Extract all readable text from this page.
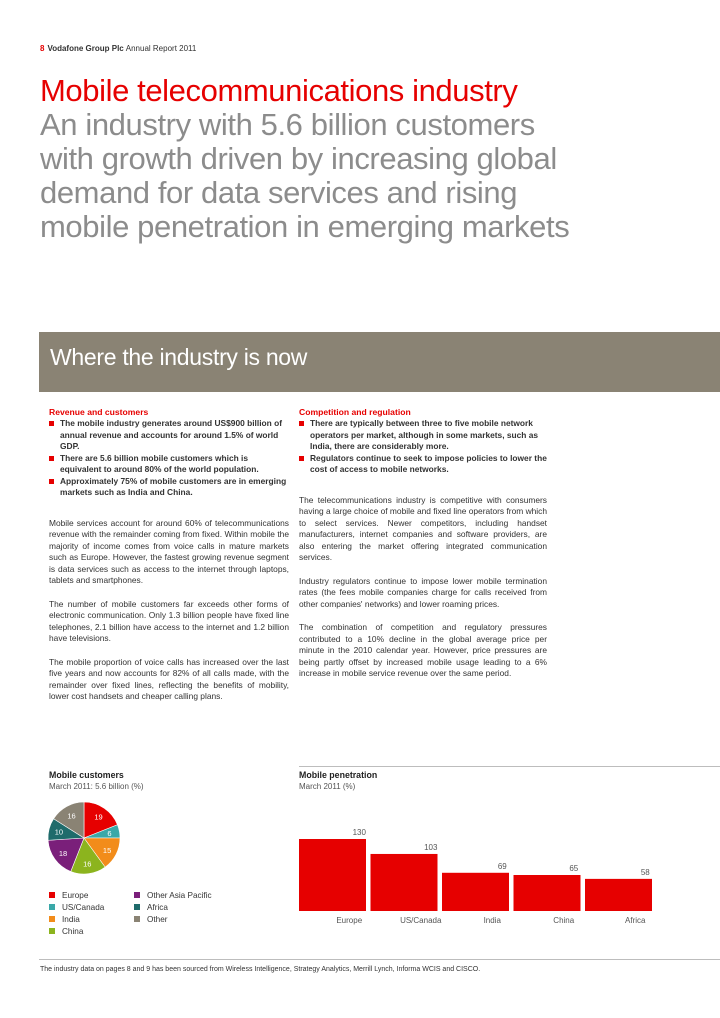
8 Vodafone Group Plc Annual Report 2011
Mobile telecommunications industry
An industry with 5.6 billion customers
with growth driven by increasing global
demand for data services and rising
mobile penetration in emerging markets
Where the industry is now
Revenue and customers
The mobile industry generates around US$900 billion of annual revenue and accounts for around 1.5% of world GDP.
There are 5.6 billion mobile customers which is equivalent to around 80% of the world population.
Approximately 75% of mobile customers are in emerging markets such as India and China.

Mobile services account for around 60% of telecommunications revenue with the remainder coming from fixed. Within mobile the majority of income comes from voice calls in mature markets such as Europe. However, the fastest growing revenue segment is data services such as access to the internet through laptops, tablets and smartphones.

The number of mobile customers far exceeds other forms of electronic communication. Only 1.3 billion people have fixed line telephones, 2.1 billion have access to the internet and 1.2 billion have televisions.

The mobile proportion of voice calls has increased over the last five years and now accounts for 82% of all calls made, with the remainder over fixed lines, reflecting the benefits of mobility, lower cost handsets and cheaper calling plans.

Competition and regulation
There are typically between three to five mobile network operators per market, although in some markets, such as India, there are considerably more.
Regulators continue to seek to impose policies to lower the cost of access to mobile networks.

The telecommunications industry is competitive with consumers having a large choice of mobile and fixed line operators from which to select services. Newer competitors, including handset manufacturers, internet companies and software providers, are also entering the market offering integrated communication services.

Industry regulators continue to impose lower mobile termination rates (the fees mobile companies charge for calls received from other companies' networks) and lower roaming prices.

The combination of competition and regulatory pressures contributed to a 10% decline in the global average price per minute in the 2010 calendar year. However, price pressures are being partly offset by increased mobile usage leading to a 6% increase in mobile service revenue over the same period.

Mobile customers
March 2011: 5.6 billion (%)
19
6
15
16
18
10
16
Europe
US/Canada
India
China
Other Asia Pacific
Africa
Other
Mobile penetration
March 2011 (%)
130
Europe
103
US/Canada
69
India
65
China
58
Africa
The industry data on pages 8 and 9 has been sourced from Wireless Intelligence, Strategy Analytics, Merrill Lynch, Informa WCIS and CISCO.
